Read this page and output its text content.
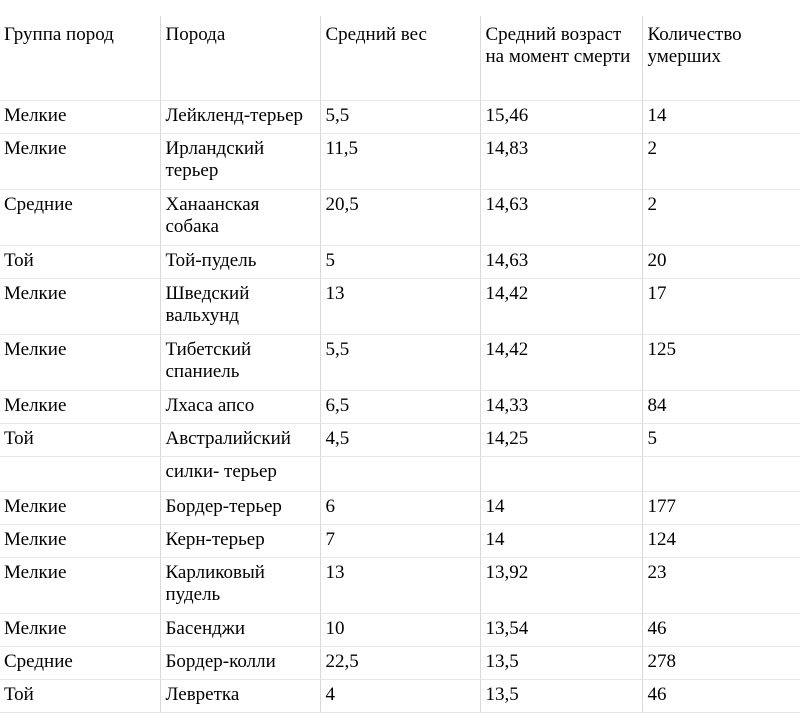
Группа пород	Порода	Средний вес	Средний возраст на момент смерти	Количество умерших
Мелкие	Лейкленд-терьер	5,5	15,46	14
Мелкие	Ирландский терьер	11,5	14,83	2
Средние	Ханаанская собака	20,5	14,63	2
Той	Той-пудель	5	14,63	20
Мелкие	Шведский вальхунд	13	14,42	17
Мелкие	Тибетский спаниель	5,5	14,42	125
Мелкие	Лхаса апсо	6,5	14,33	84
Той	Австралийский	4,5	14,25	5
	силки- терьер			
Мелкие	Бордер-терьер	6	14	177
Мелкие	Керн-терьер	7	14	124
Мелкие	Карликовый пудель	13	13,92	23
Мелкие	Басенджи	10	13,54	46
Средние	Бордер-колли	22,5	13,5	278
Той	Левретка	4	13,5	46
